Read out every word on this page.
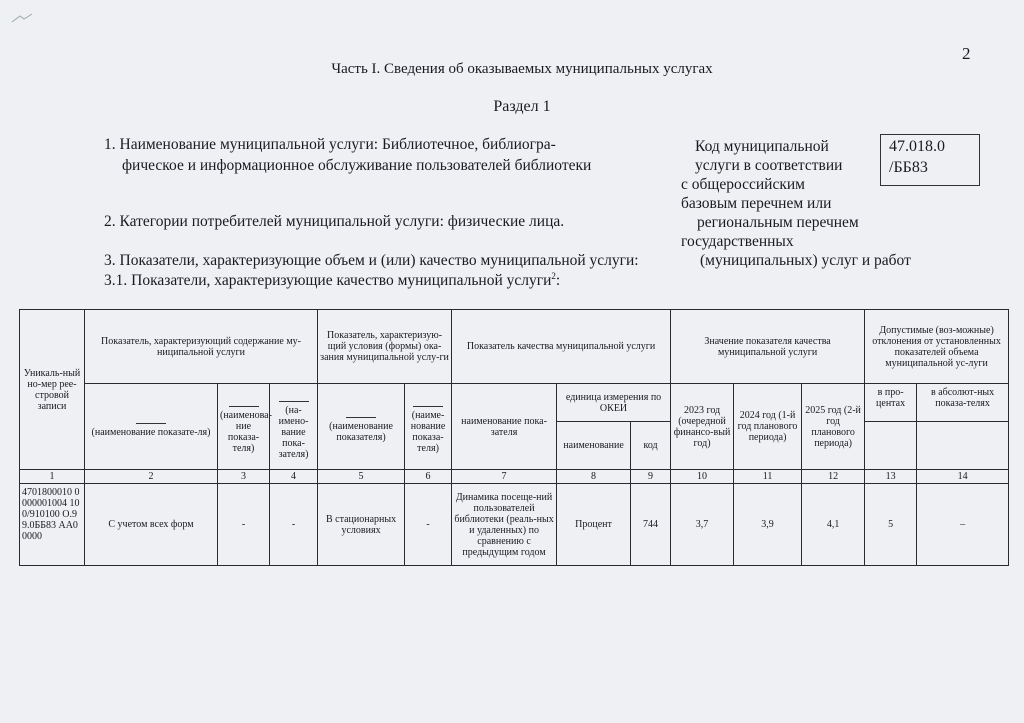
2
Часть I. Сведения об оказываемых муниципальных услугах
Раздел 1
1. Наименование муниципальной услуги: Библиотечное, библиогра-
фическое и информационное обслуживание пользователей библиотеки
Код муниципальной
услуги в соответствии
с общероссийским
базовым перечнем или
региональным перечнем
государственных
47.018.0
/ББ83
2. Категории потребителей муниципальной услуги: физические лица.
3. Показатели, характеризующие объем и (или) качество муниципальной услуги:	(муниципальных) услуг и работ
3.1. Показатели, характеризующие качество муниципальной услуги$^2$:
Уникаль-ный но-мер рее-стровой записи	Показатель, характеризующий содержание му-ниципальной услуги			Показатель, характеризую-щий условия (формы) ока-зания муниципальной услу-ги		Показатель качества муниципальной услуги			Значение показателя качества муниципальной услуги			Допустимые (воз-можные) отклонения от установленных показателей объема муниципальной ус-луги	

(наименование показате-ля)	(наименова-ние показа-теля)	(на-имено-вание пока-зателя)	(наименование показателя)	(наиме-нование показа-теля)	наименование пока-зателя	единица измерения по ОКЕИ		2023 год (очередной финансо-вый год)	2024 год (1-й год планового периода)	2025 год (2-й год планового периода)	в про-центах	в абсолют-ных показа-телях
							наименование	код					
1	2	3	4	5	6	7	8	9	10	11	12	13	14
4701800010 0000001004 100/910100 О.99.0ББ83 АА00000	С учетом всех форм	-	-	В стационарных условиях	-	Динамика посеще-ний пользователей библиотеки (реаль-ных и удаленных) по сравнению с предыдущим годом	Процент	744	3,7	3,9	4,1	5	–
